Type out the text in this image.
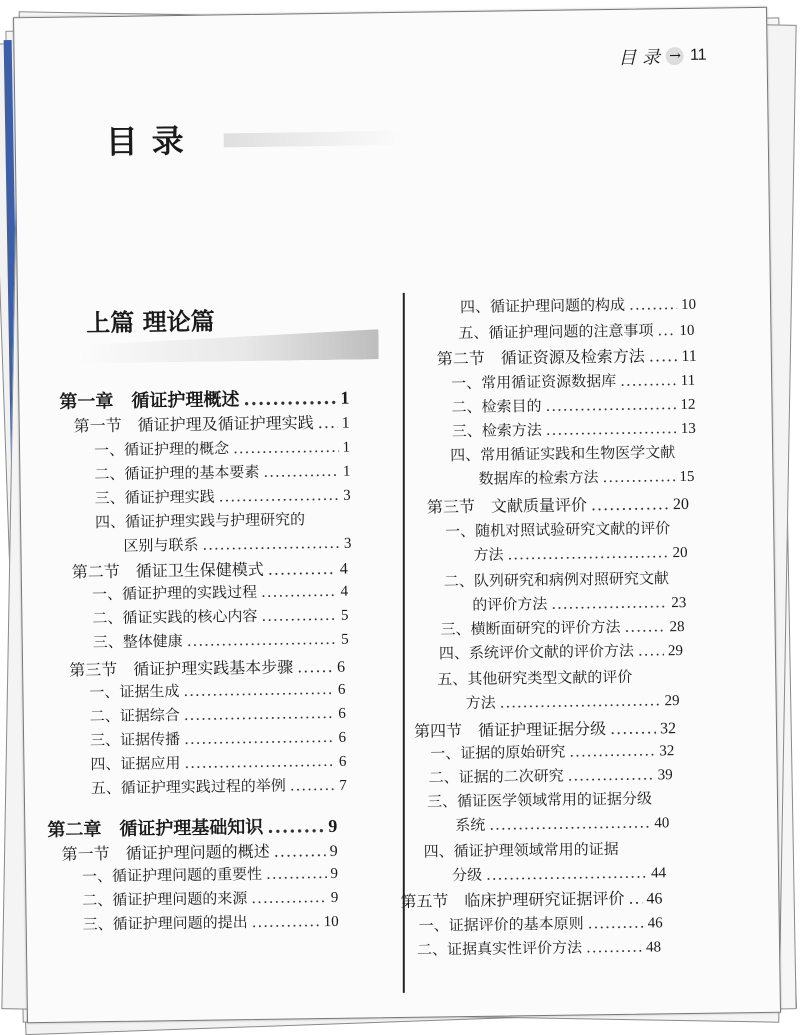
目 录 → 11
目录
上篇 理论篇
第一章　循证护理概述 .....	1
第一节　循证护理及循证护理实践 ..... 1
一、循证护理的概念 .....	1
二、循证护理的基本要素 .....	1
三、循证护理实践 .....	3
四、循证护理实践与护理研究的
区别与联系 .....	3
第二节　循证卫生保健模式 .....	4
一、循证护理的实践过程 .....	4
二、循证实践的核心内容 .....	5
三、整体健康 .....	5
第三节　循证护理实践基本步骤 .....	6
一、证据生成 .....	6
二、证据综合 .....	6
三、证据传播 .....	6
四、证据应用 .....	6
五、循证护理实践过程的举例 .....	7
第二章　循证护理基础知识 .....	9
第一节　循证护理问题的概述 .....	9
一、循证护理问题的重要性 .....	9
二、循证护理问题的来源 .....	9
三、循证护理问题的提出 .....	10
四、循证护理问题的构成 .....	10
五、循证护理问题的注意事项 ..... 10
第二节　循证资源及检索方法 ..... 11
一、常用循证资源数据库 .....	11
二、检索目的 .....	12
三、检索方法 .....	13
四、常用循证实践和生物医学文献
数据库的检索方法 .....	15
第三节　文献质量评价 .....	20
一、随机对照试验研究文献的评价
方法 .....	20
二、队列研究和病例对照研究文献
的评价方法 .....	23
三、横断面研究的评价方法 .....	28
四、系统评价文献的评价方法 ..... 29
五、其他研究类型文献的评价
方法 .....	29
第四节　循证护理证据分级 .....	32
一、证据的原始研究 .....	32
二、证据的二次研究 .....	39
三、循证医学领域常用的证据分级
系统 .....	40
四、循证护理领域常用的证据
分级 .....	44
第五节　临床护理研究证据评价 ..... 46
一、证据评价的基本原则 .....	46
二、证据真实性评价方法 .....	48
